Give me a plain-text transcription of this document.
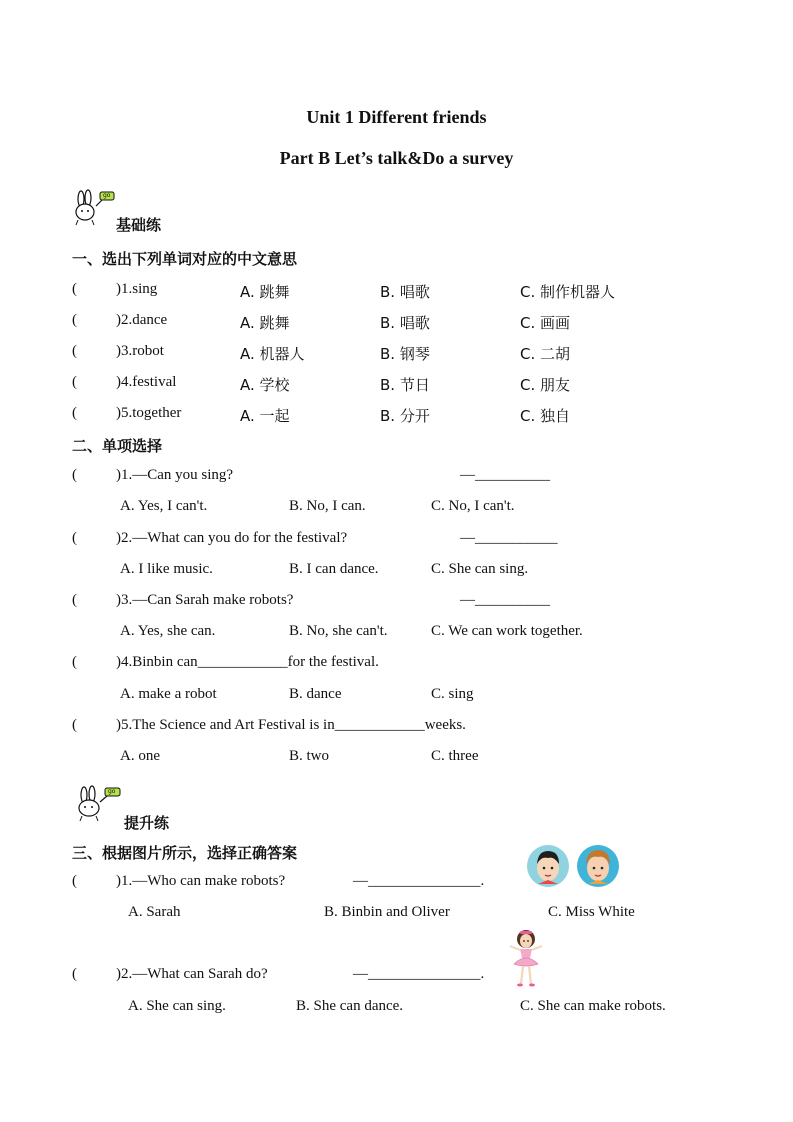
Unit 1 Different friends
Part B Let’s talk&Do a survey
go
基础练
一、选出下列单词对应的中文意思
(	)1.sing	A. 跳舞	B. 唱歌	C. 制作机器人
(	)2.dance	A. 跳舞	B. 唱歌	C. 画画
(	)3.robot	A. 机器人	B. 钢琴	C. 二胡
(	)4.festival	A. 学校	B. 节日	C. 朋友
(	)5.together	A. 一起	B. 分开	C. 独自
二、单项选择
(	)1.—Can you sing?	—__________
A. Yes, I can't.	B. No, I can.	C. No, I can't.
(	)2.—What can you do for the festival?	—___________
A. I like music.	B. I can dance.	C. She can sing.
(	)3.—Can Sarah make robots?	—__________
A. Yes, she can.	B. No, she can't.	C. We can work together.
(	)4.Binbin can____________for the festival.
A. make a robot	B. dance	C. sing
(	)5.The Science and Art Festival is in____________weeks.
A. one	B. two	C. three
go
提升练
三、根据图片所示，选择正确答案
(	)1.—Who can make robots?	—_______________.
A. Sarah	B. Binbin and Oliver	C. Miss White
(	)2.—What can Sarah do?	—_______________.
A. She can sing.	B. She can dance.	C. She can make robots.
